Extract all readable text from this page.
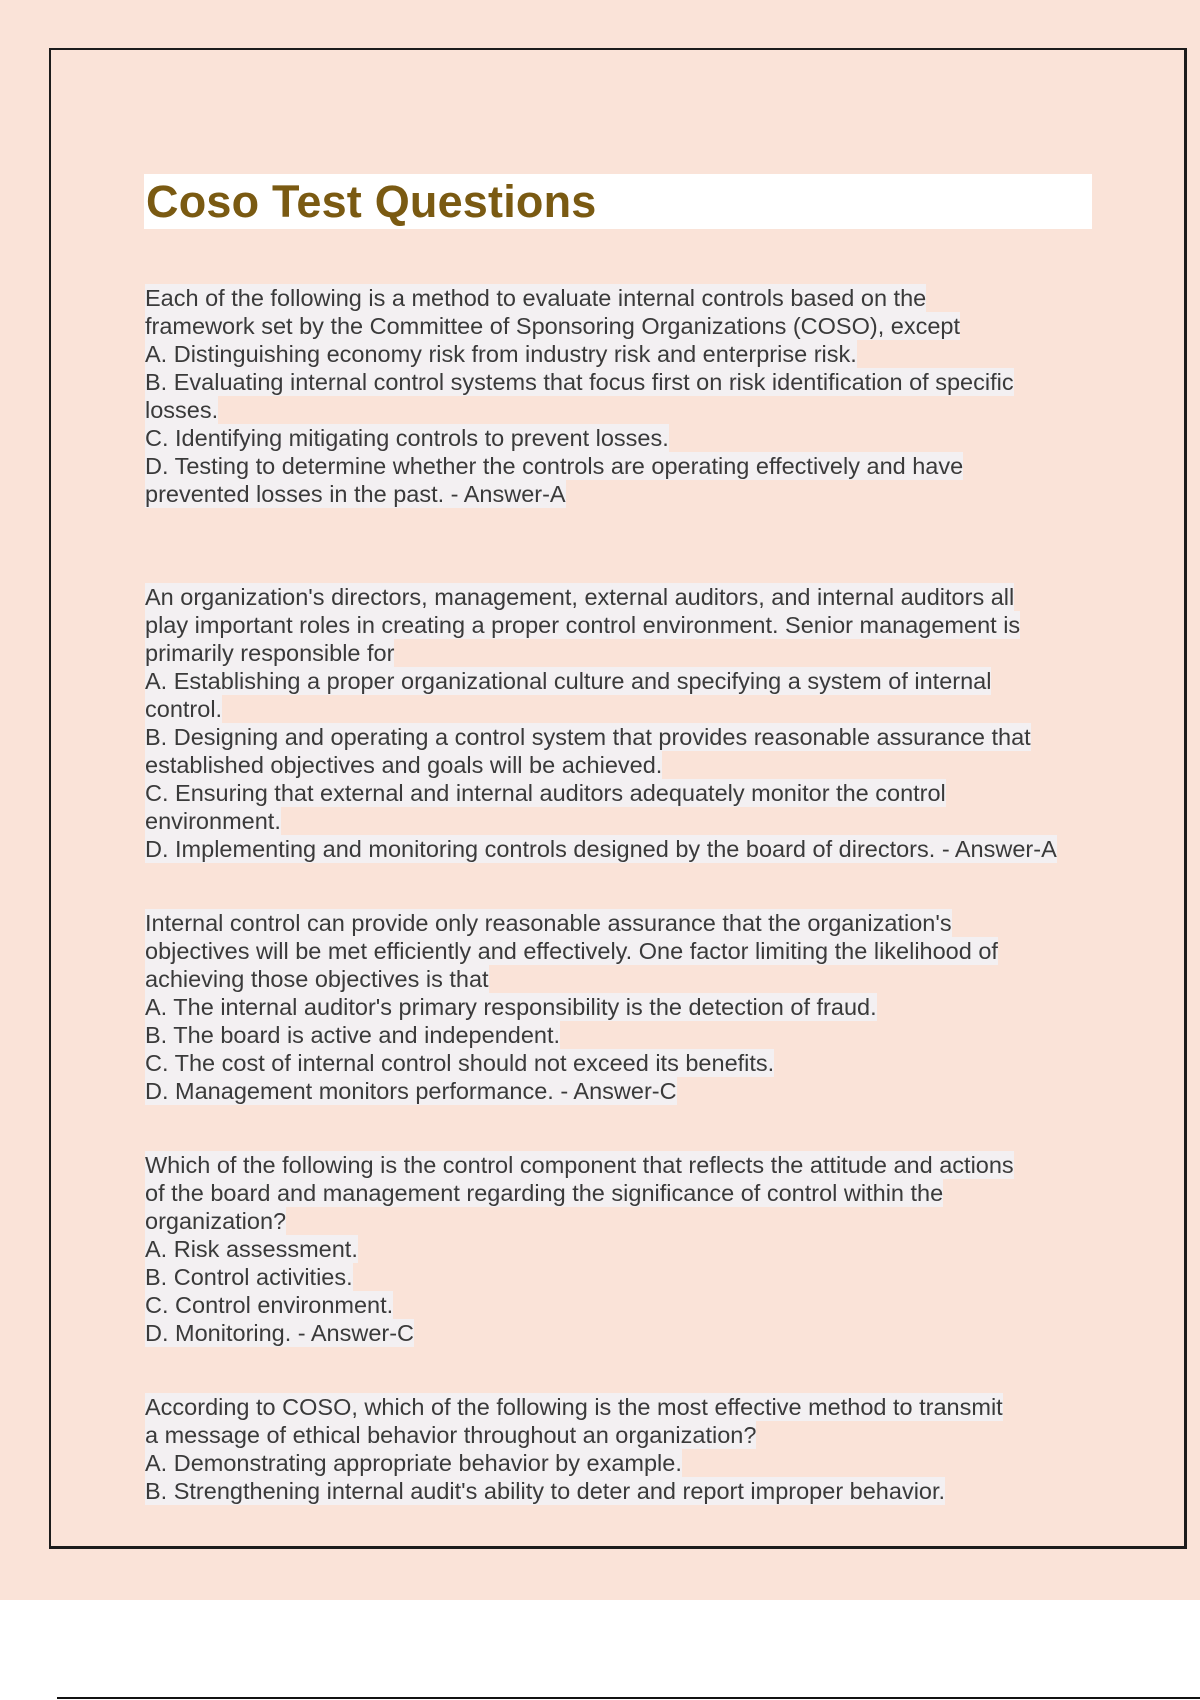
Coso Test Questions
Each of the following is a method to evaluate internal controls based on the
framework set by the Committee of Sponsoring Organizations (COSO), except
A. Distinguishing economy risk from industry risk and enterprise risk.
B. Evaluating internal control systems that focus first on risk identification of specific
losses.
C. Identifying mitigating controls to prevent losses.
D. Testing to determine whether the controls are operating effectively and have
prevented losses in the past. - Answer-A
An organization's directors, management, external auditors, and internal auditors all
play important roles in creating a proper control environment. Senior management is
primarily responsible for
A. Establishing a proper organizational culture and specifying a system of internal
control.
B. Designing and operating a control system that provides reasonable assurance that
established objectives and goals will be achieved.
C. Ensuring that external and internal auditors adequately monitor the control
environment.
D. Implementing and monitoring controls designed by the board of directors. - Answer-A
Internal control can provide only reasonable assurance that the organization's
objectives will be met efficiently and effectively. One factor limiting the likelihood of
achieving those objectives is that
A. The internal auditor's primary responsibility is the detection of fraud.
B. The board is active and independent.
C. The cost of internal control should not exceed its benefits.
D. Management monitors performance. - Answer-C
Which of the following is the control component that reflects the attitude and actions
of the board and management regarding the significance of control within the
organization?
A. Risk assessment.
B. Control activities.
C. Control environment.
D. Monitoring. - Answer-C
According to COSO, which of the following is the most effective method to transmit
a message of ethical behavior throughout an organization?
A. Demonstrating appropriate behavior by example.
B. Strengthening internal audit's ability to deter and report improper behavior.
